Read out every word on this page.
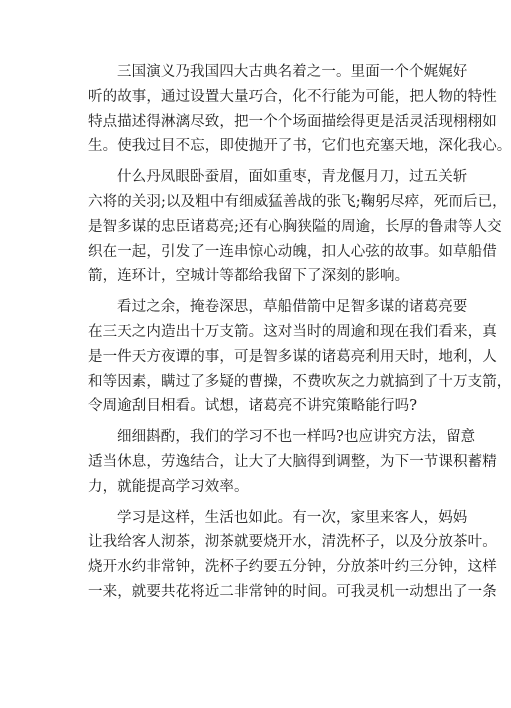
三国演义乃我国四大古典名着之一。里面一个个娓娓好
听的故事，通过设置大量巧合，化不行能为可能，把人物的特性
特点描述得淋漓尽致，把一个个场面描绘得更是活灵活现栩栩如
生。使我过目不忘，即使抛开了书，它们也充塞天地，深化我心。

什么丹凤眼卧蚕眉，面如重枣，青龙偃月刀，过五关斩
六将的关羽;以及粗中有细威猛善战的张飞;鞠躬尽瘁，死而后已，
是智多谋的忠臣诸葛亮;还有心胸狭隘的周逾，长厚的鲁肃等人交
织在一起，引发了一连串惊心动魄，扣人心弦的故事。如草船借
箭，连环计，空城计等都给我留下了深刻的影响。

看过之余，掩卷深思，草船借箭中足智多谋的诸葛亮要
在三天之内造出十万支箭。这对当时的周逾和现在我们看来，真
是一件天方夜谭的事，可是智多谋的诸葛亮利用天时，地利，人
和等因素，瞒过了多疑的曹操，不费吹灰之力就搞到了十万支箭，
令周逾刮目相看。试想，诸葛亮不讲究策略能行吗?

细细斟酌，我们的学习不也一样吗?也应讲究方法，留意
适当休息，劳逸结合，让大了大脑得到调整，为下一节课积蓄精
力，就能提高学习效率。

学习是这样，生活也如此。有一次，家里来客人，妈妈
让我给客人沏茶，沏茶就要烧开水，清洗杯子，以及分放茶叶。
烧开水约非常钟，洗杯子约要五分钟，分放茶叶约三分钟，这样
一来，就要共花将近二非常钟的时间。可我灵机一动想出了一条
